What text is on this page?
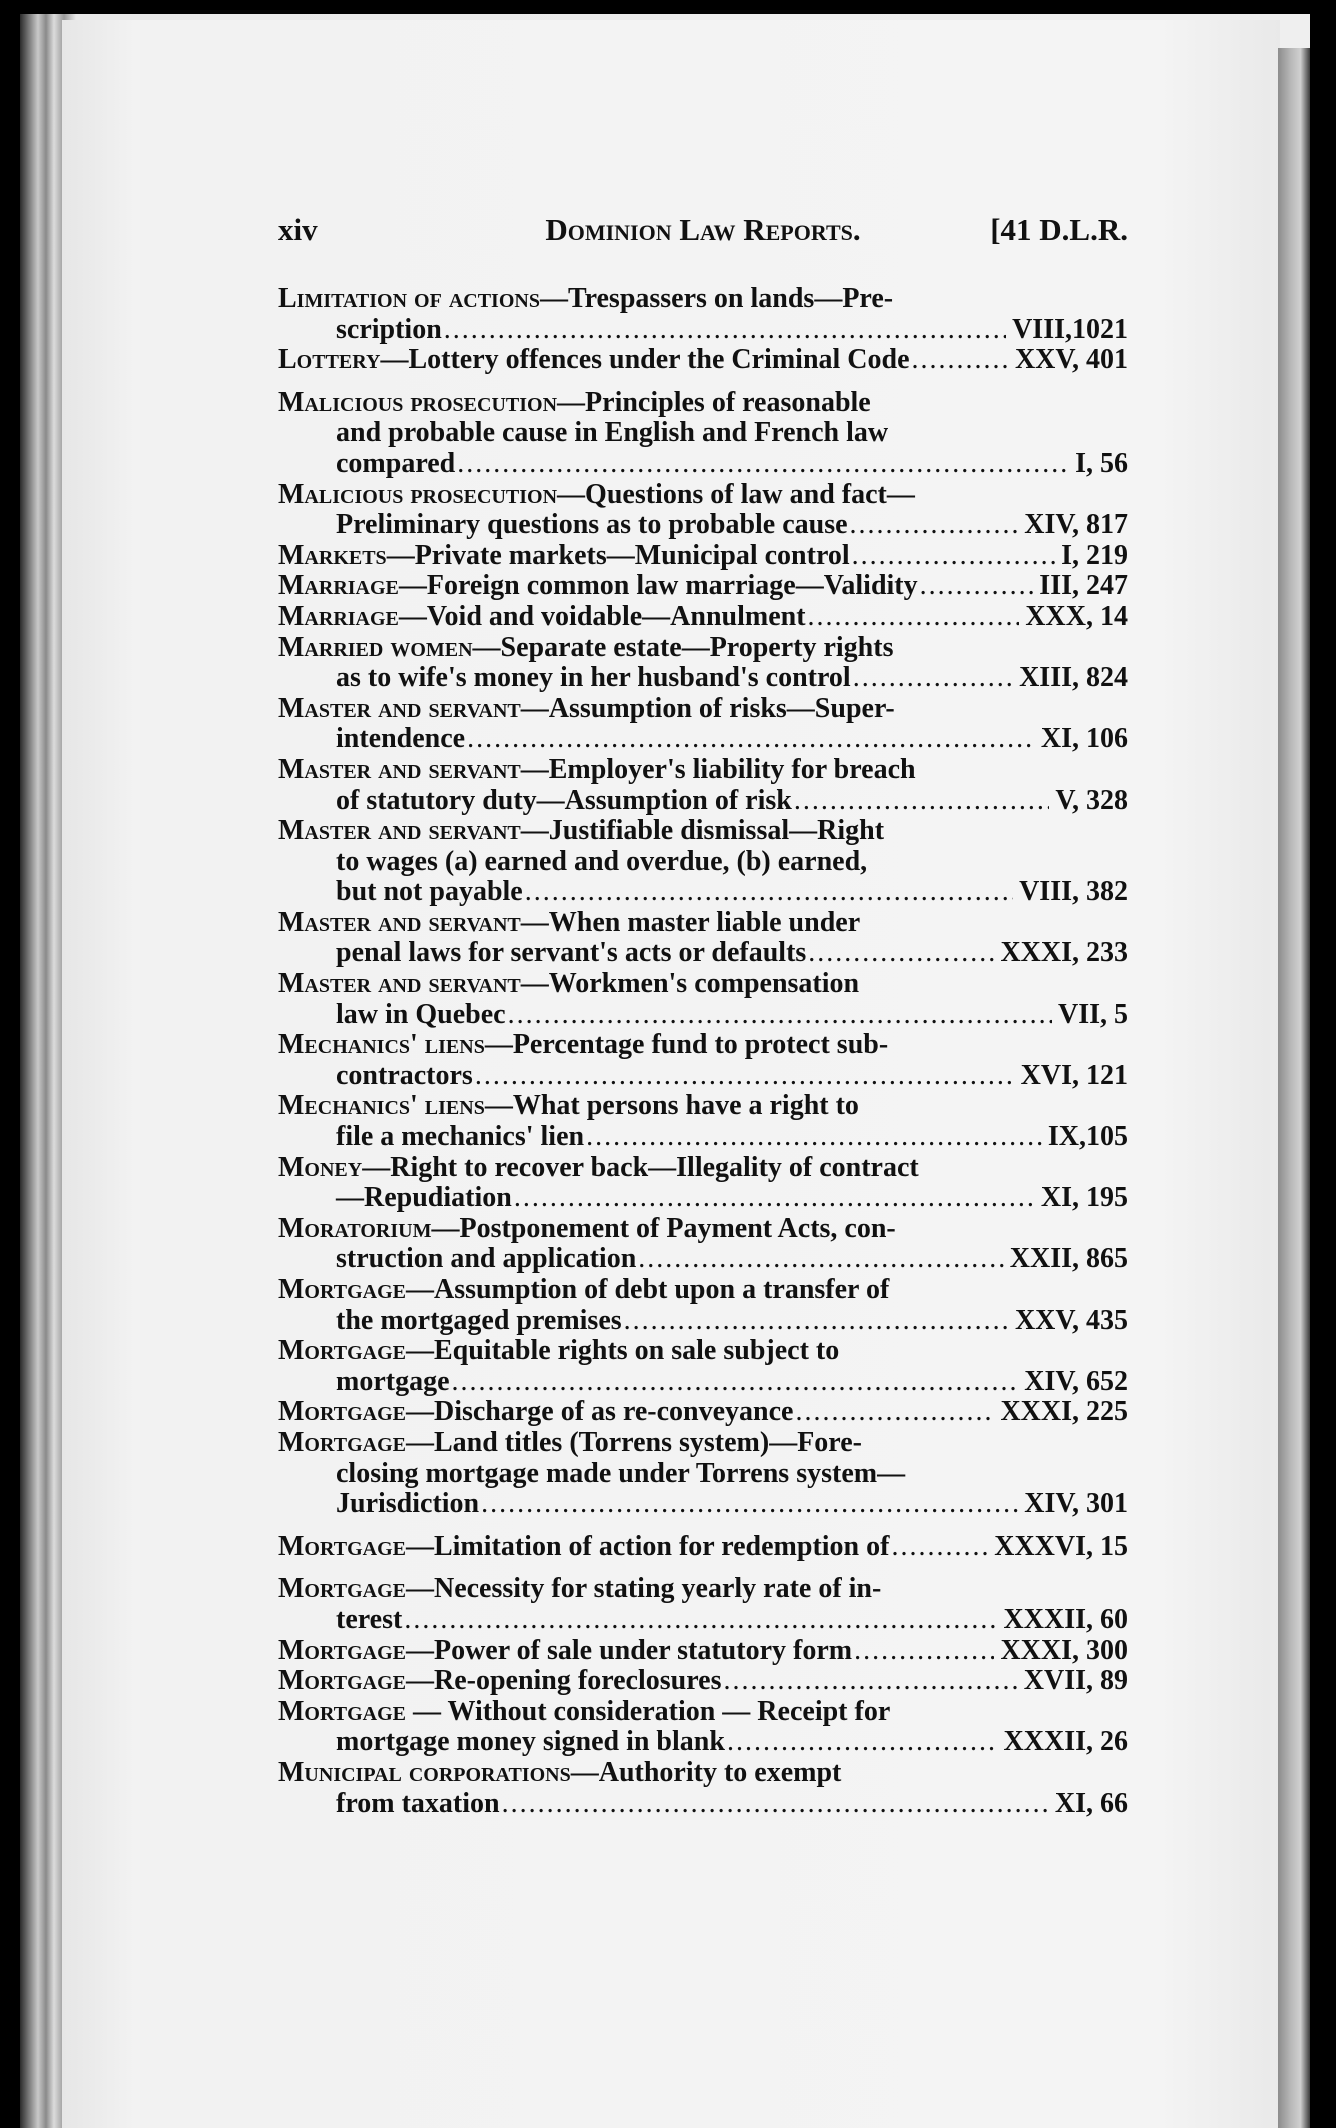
xiv	Dominion Law Reports.	[41 D.L.R.
Limitation of actions—Trespassers on lands—Pre-
scription .....	VIII,1021
Lottery—Lottery offences under the Criminal Code .....	XXV, 401
Malicious prosecution—Principles of reasonable
and probable cause in English and French law
compared .....	I, 56
Malicious prosecution—Questions of law and fact—
Preliminary questions as to probable cause .....	XIV, 817
Markets—Private markets—Municipal control .....	I, 219
Marriage—Foreign common law marriage—Validity .....	III, 247
Marriage—Void and voidable—Annulment .....	XXX, 14
Married women—Separate estate—Property rights
as to wife's money in her husband's control .....	XIII, 824
Master and servant—Assumption of risks—Super-
intendence .....	XI, 106
Master and servant—Employer's liability for breach
of statutory duty—Assumption of risk .....	V, 328
Master and servant—Justifiable dismissal—Right
to wages (a) earned and overdue, (b) earned,
but not payable .....	VIII, 382
Master and servant—When master liable under
penal laws for servant's acts or defaults .....	XXXI, 233
Master and servant—Workmen's compensation
law in Quebec .....	VII, 5
Mechanics' liens—Percentage fund to protect sub-
contractors .....	XVI, 121
Mechanics' liens—What persons have a right to
file a mechanics' lien .....	IX,105
Money—Right to recover back—Illegality of contract
—Repudiation .....	XI, 195
Moratorium—Postponement of Payment Acts, con-
struction and application .....	XXII, 865
Mortgage—Assumption of debt upon a transfer of
the mortgaged premises .....	XXV, 435
Mortgage—Equitable rights on sale subject to
mortgage .....	XIV, 652
Mortgage—Discharge of as re-conveyance .....	XXXI, 225
Mortgage—Land titles (Torrens system)—Fore-
closing mortgage made under Torrens system—
Jurisdiction .....	XIV, 301
Mortgage—Limitation of action for redemption of .....	XXXVI, 15
Mortgage—Necessity for stating yearly rate of in-
terest .....	XXXII, 60
Mortgage—Power of sale under statutory form .....	XXXI, 300
Mortgage—Re-opening foreclosures .....	XVII, 89
Mortgage — Without consideration — Receipt for
mortgage money signed in blank .....	XXXII, 26
Municipal corporations—Authority to exempt
from taxation .....	XI, 66
